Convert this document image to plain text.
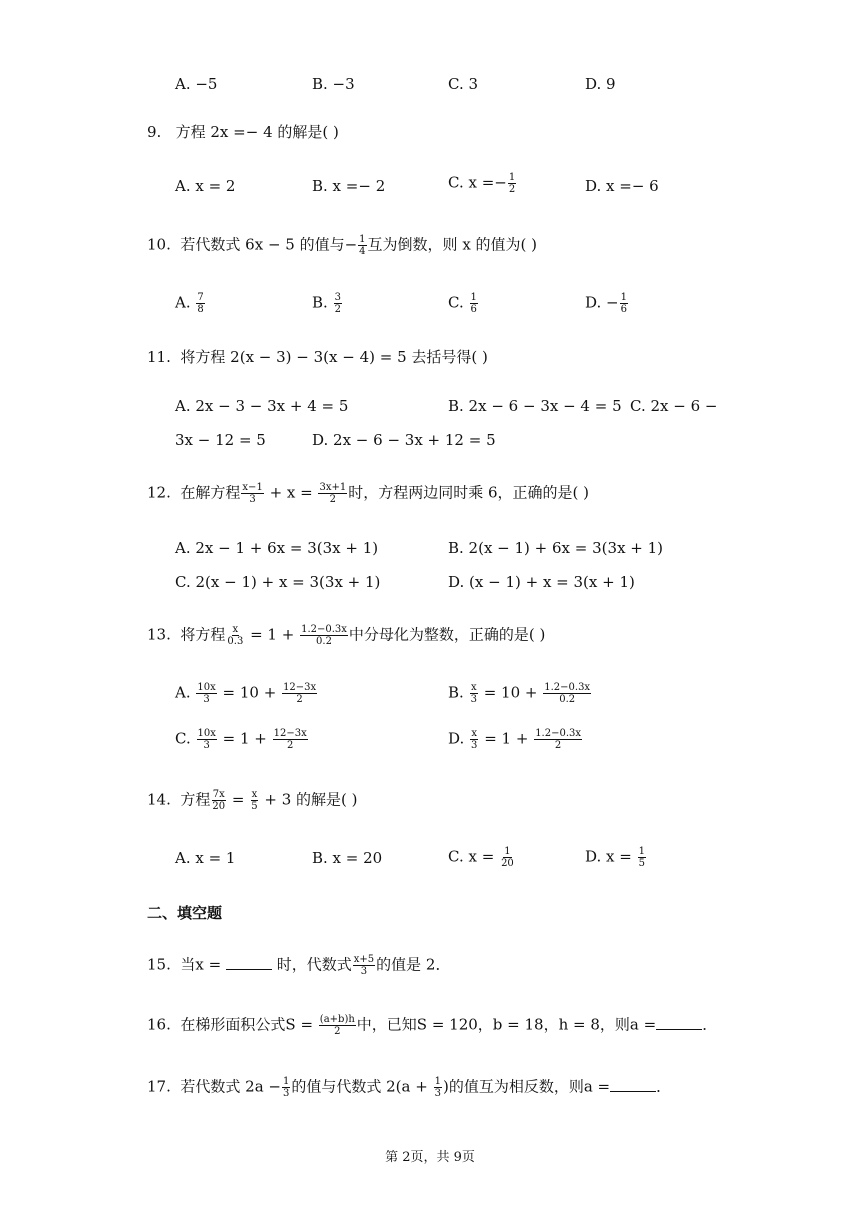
A. −5	B. −3	C. 3	D. 9
9. 方程 2x =− 4 的解是( )
A. x = 2	B. x =− 2	C. $x =- \frac{1}{2}$	D. x =− 6
10. 若代数式 6x − 5 的值与− $\frac{1}{4}$ 互为倒数，则 x 的值为( )
A. $\frac{7}{8}$	B. $\frac{3}{2}$	C. $\frac{1}{6}$	D. − $\frac{1}{6}$
11. 将方程 2(x − 3) − 3(x − 4) = 5 去括号得( )
A. 2x − 3 − 3x + 4 = 5	B. 2x − 6 − 3x − 4 = 5 C. 2x − 6 −
3x − 12 = 5	D. 2x − 6 − 3x + 12 = 5
12. 在解方程 $\frac{x-1}{3} + x = \frac{3x+1}{2}$ 时，方程两边同时乘 6，正确的是( )
A. 2x − 1 + 6x = 3(3x + 1)	B. 2(x − 1) + 6x = 3(3x + 1)
C. 2(x − 1) + x = 3(3x + 1)	D. (x − 1) + x = 3(x + 1)
13. 将方程 $\frac{x}{0.3} = 1 + \frac{1.2-0.3x}{0.2}$ 中分母化为整数，正确的是( )
A. $\frac{10x}{3} = 10 + \frac{12-3x}{2}$	B. $\frac{x}{3} = 10 + \frac{1.2-0.3x}{0.2}$
C. $\frac{10x}{3} = 1 + \frac{12-3x}{2}$	D. $\frac{x}{3} = 1 + \frac{1.2-0.3x}{2}$
14. 方程 $\frac{7x}{20} = \frac{x}{5} + 3$ 的解是( )
A. x = 1	B. x = 20	C. $x = \frac{1}{20}$	D. $x = \frac{1}{5}$
二、填空题
15. 当x =	时，代数式 $\frac{x+5}{3}$ 的值是 2．
16. 在梯形面积公式$S = \frac{(a+b)h}{2}$ 中，已知S = 120，b = 18，h = 8，则a =	．
17. 若代数式 $2a - \frac{1}{3}$ 的值与代数式 $2(a + \frac{1}{3}$ )的值互为相反数，则a =	．
第 2页，共 9页
